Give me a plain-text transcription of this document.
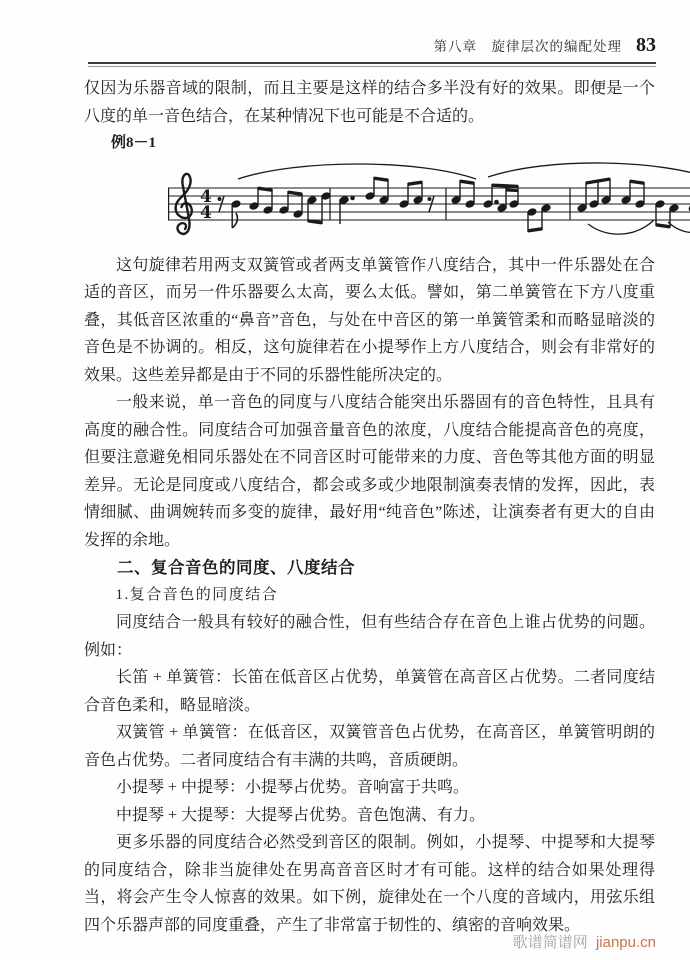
第八章　旋律层次的编配处理 83

仅因为乐器音域的限制，而且主要是这样的结合多半没有好的效果。即便是一个八度的单一音色结合，在某种情况下也可能是不合适的。

例8－1

4
4

这句旋律若用两支双簧管或者两支单簧管作八度结合，其中一件乐器处在合适的音区，而另一件乐器要么太高，要么太低。譬如，第二单簧管在下方八度重叠，其低音区浓重的“鼻音”音色，与处在中音区的第一单簧管柔和而略显暗淡的音色是不协调的。相反，这句旋律若在小提琴作上方八度结合，则会有非常好的效果。这些差异都是由于不同的乐器性能所决定的。

一般来说，单一音色的同度与八度结合能突出乐器固有的音色特性，且具有高度的融合性。同度结合可加强音量音色的浓度，八度结合能提高音色的亮度，但要注意避免相同乐器处在不同音区时可能带来的力度、音色等其他方面的明显差异。无论是同度或八度结合，都会或多或少地限制演奏表情的发挥，因此，表情细腻、曲调婉转而多变的旋律，最好用“纯音色”陈述，让演奏者有更大的自由发挥的余地。

二、复合音色的同度、八度结合

1.复合音色的同度结合

同度结合一般具有较好的融合性，但有些结合存在音色上谁占优势的问题。例如：

长笛 + 单簧管：长笛在低音区占优势，单簧管在高音区占优势。二者同度结合音色柔和，略显暗淡。

双簧管 + 单簧管：在低音区，双簧管音色占优势，在高音区，单簧管明朗的音色占优势。二者同度结合有丰满的共鸣，音质硬朗。

小提琴 + 中提琴：小提琴占优势。音响富于共鸣。

中提琴 + 大提琴：大提琴占优势。音色饱满、有力。

更多乐器的同度结合必然受到音区的限制。例如，小提琴、中提琴和大提琴的同度结合，除非当旋律处在男高音音区时才有可能。这样的结合如果处理得当，将会产生令人惊喜的效果。如下例，旋律处在一个八度的音域内，用弦乐组四个乐器声部的同度重叠，产生了非常富于韧性的、缜密的音响效果。

歌谱简谱网 jianpu.cn
